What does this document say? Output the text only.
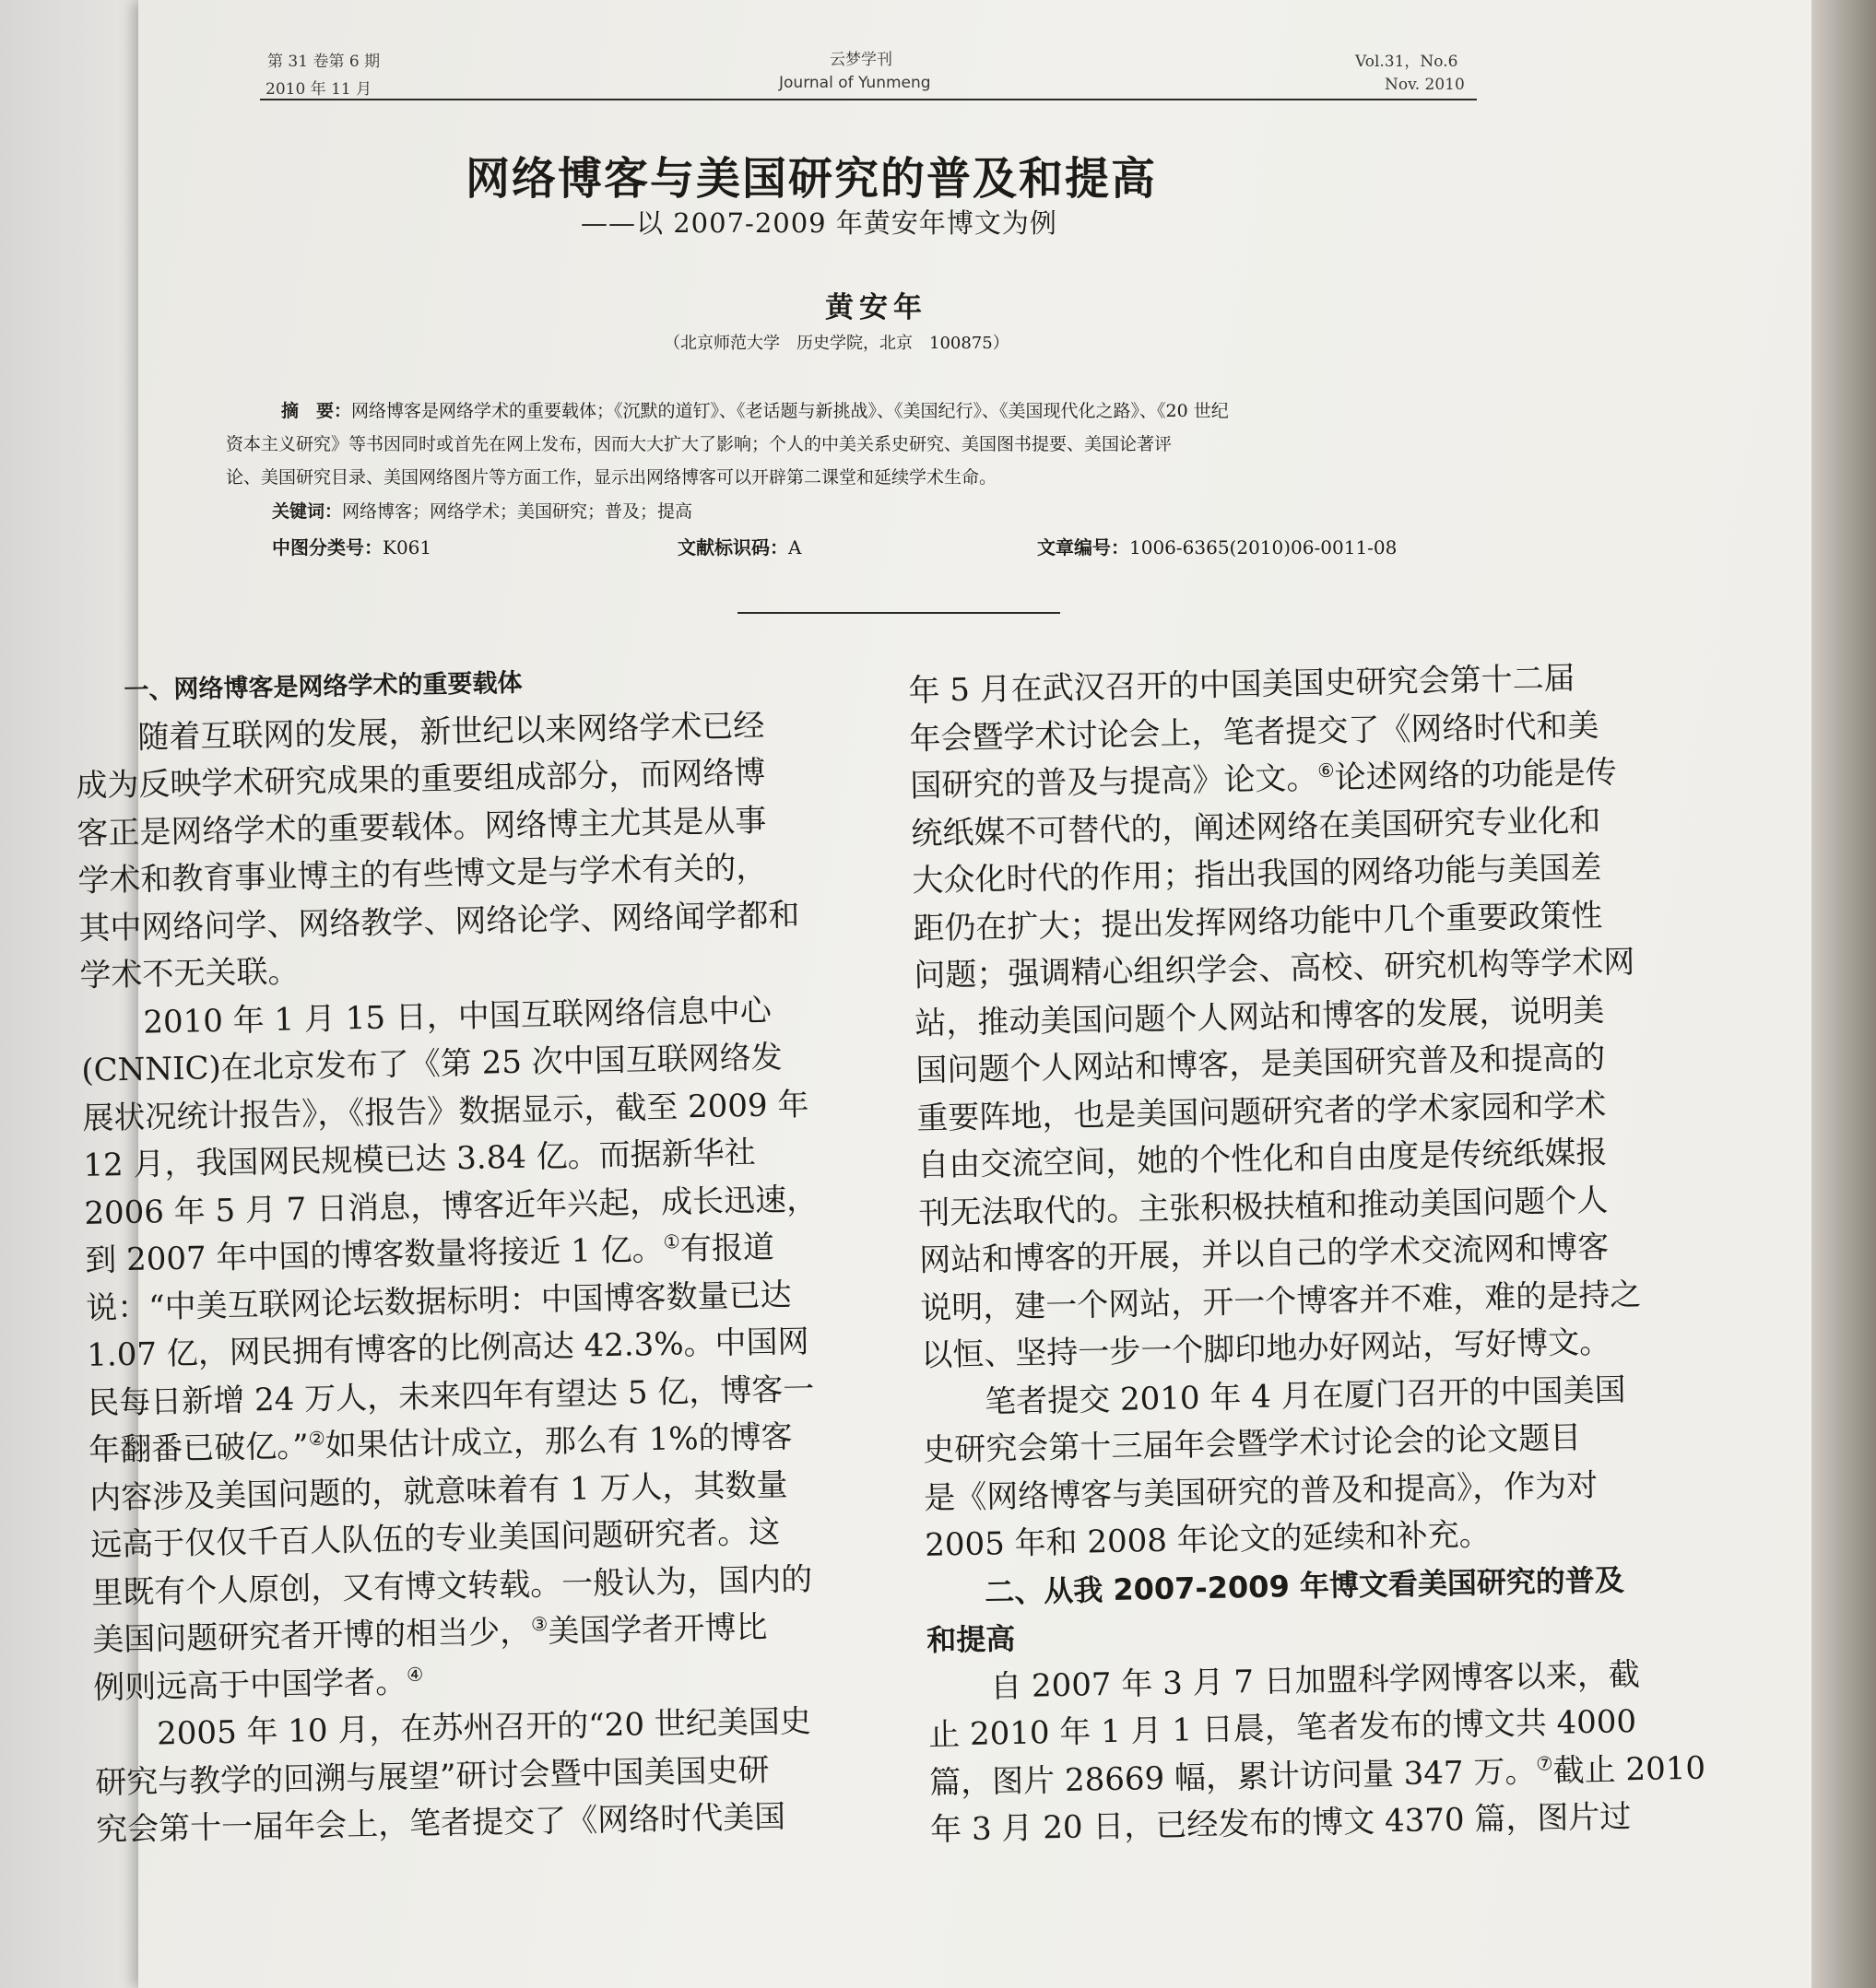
第 31 卷第 6 期
2010 年 11 月
云梦学刊
Journal of Yunmeng
Vol.31，No.6
Nov. 2010
网络博客与美国研究的普及和提高
——以 2007-2009 年黄安年博文为例
黄安年
（北京师范大学　历史学院，北京　100875）
摘　要：网络博客是网络学术的重要载体；《沉默的道钉》、《老话题与新挑战》、《美国纪行》、《美国现代化之路》、《20 世纪
资本主义研究》等书因同时或首先在网上发布，因而大大扩大了影响；个人的中美关系史研究、美国图书提要、美国论著评
论、美国研究目录、美国网络图片等方面工作，显示出网络博客可以开辟第二课堂和延续学术生命。
关键词：网络博客；网络学术；美国研究；普及；提高
中图分类号：K061	文献标识码：A	文章编号：1006-6365(2010)06-0011-08
　　一、网络博客是网络学术的重要载体
　　随着互联网的发展，新世纪以来网络学术已经
成为反映学术研究成果的重要组成部分，而网络博
客正是网络学术的重要载体。网络博主尤其是从事
学术和教育事业博主的有些博文是与学术有关的，
其中网络问学、网络教学、网络论学、网络闻学都和
学术不无关联。
　　2010 年 1 月 15 日，中国互联网络信息中心
(CNNIC)在北京发布了《第 25 次中国互联网络发
展状况统计报告》，《报告》数据显示，截至 2009 年
12 月，我国网民规模已达 3.84 亿。而据新华社
2006 年 5 月 7 日消息，博客近年兴起，成长迅速，
到 2007 年中国的博客数量将接近 1 亿。①有报道
说：“中美互联网论坛数据标明：中国博客数量已达
1.07 亿，网民拥有博客的比例高达 42.3%。中国网
民每日新增 24 万人，未来四年有望达 5 亿，博客一
年翻番已破亿。”②如果估计成立，那么有 1%的博客
内容涉及美国问题的，就意味着有 1 万人，其数量
远高于仅仅千百人队伍的专业美国问题研究者。这
里既有个人原创，又有博文转载。一般认为，国内的
美国问题研究者开博的相当少，③美国学者开博比
例则远高于中国学者。④
　　2005 年 10 月，在苏州召开的“20 世纪美国史
研究与教学的回溯与展望”研讨会暨中国美国史研
究会第十一届年会上，笔者提交了《网络时代美国
年 5 月在武汉召开的中国美国史研究会第十二届
年会暨学术讨论会上，笔者提交了《网络时代和美
国研究的普及与提高》论文。⑥论述网络的功能是传
统纸媒不可替代的，阐述网络在美国研究专业化和
大众化时代的作用；指出我国的网络功能与美国差
距仍在扩大；提出发挥网络功能中几个重要政策性
问题；强调精心组织学会、高校、研究机构等学术网
站，推动美国问题个人网站和博客的发展，说明美
国问题个人网站和博客，是美国研究普及和提高的
重要阵地，也是美国问题研究者的学术家园和学术
自由交流空间，她的个性化和自由度是传统纸媒报
刊无法取代的。主张积极扶植和推动美国问题个人
网站和博客的开展，并以自己的学术交流网和博客
说明，建一个网站，开一个博客并不难，难的是持之
以恒、坚持一步一个脚印地办好网站，写好博文。
　　笔者提交 2010 年 4 月在厦门召开的中国美国
史研究会第十三届年会暨学术讨论会的论文题目
是《网络博客与美国研究的普及和提高》，作为对
2005 年和 2008 年论文的延续和补充。
　　二、从我 2007-2009 年博文看美国研究的普及
和提高
　　自 2007 年 3 月 7 日加盟科学网博客以来，截
止 2010 年 1 月 1 日晨，笔者发布的博文共 4000
篇，图片 28669 幅，累计访问量 347 万。⑦截止 2010
年 3 月 20 日，已经发布的博文 4370 篇，图片过
